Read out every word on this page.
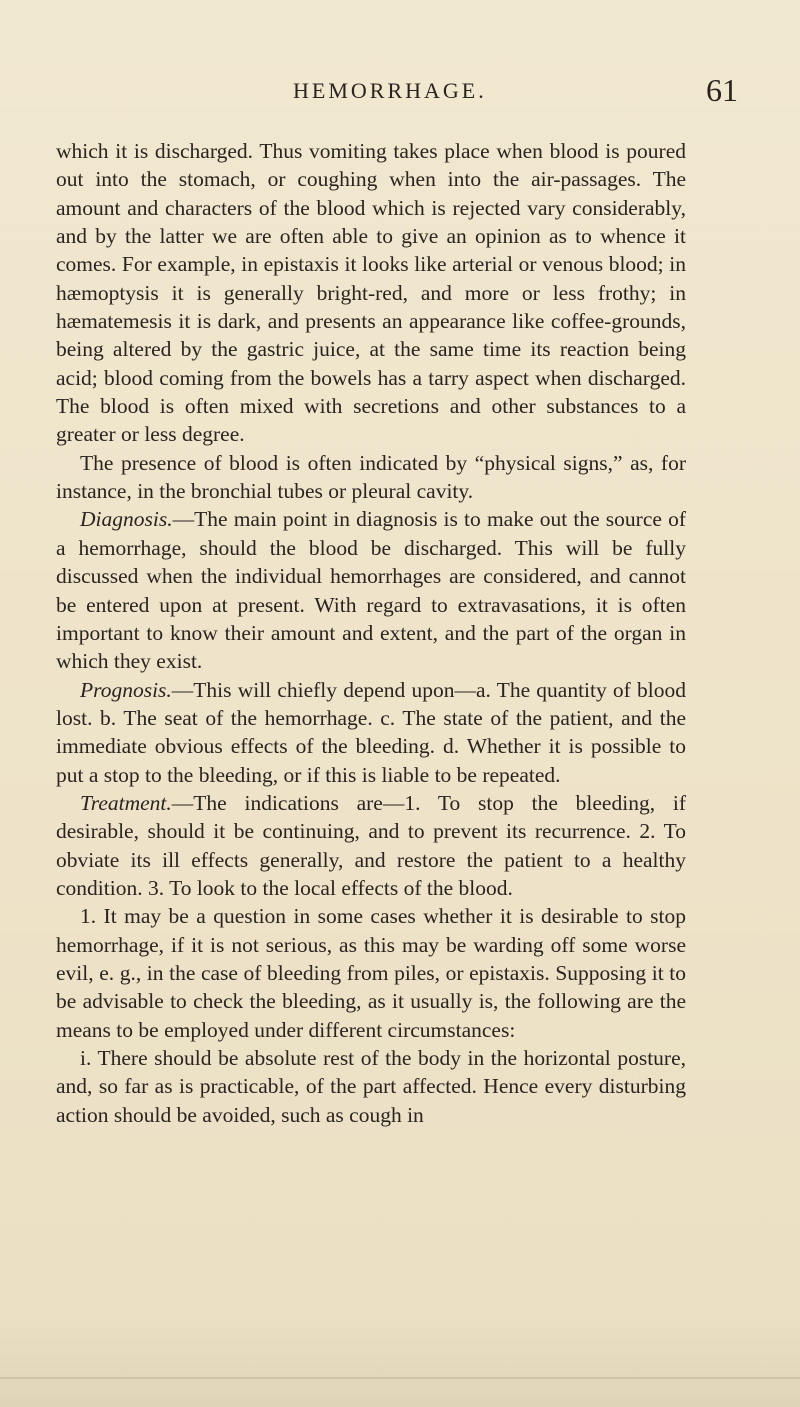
HEMORRHAGE.	61

which it is discharged. Thus vomiting takes place when blood is poured out into the stomach, or coughing when into the air-passages. The amount and characters of the blood which is rejected vary considerably, and by the latter we are often able to give an opinion as to whence it comes. For example, in epistaxis it looks like arterial or venous blood; in hæmoptysis it is generally bright-red, and more or less frothy; in hæmatemesis it is dark, and presents an appearance like coffee-grounds, being altered by the gastric juice, at the same time its reaction being acid; blood coming from the bowels has a tarry aspect when discharged. The blood is often mixed with secretions and other substances to a greater or less degree.

The presence of blood is often indicated by “physical signs,” as, for instance, in the bronchial tubes or pleural cavity.

Diagnosis.—The main point in diagnosis is to make out the source of a hemorrhage, should the blood be discharged. This will be fully discussed when the individual hemorrhages are considered, and cannot be entered upon at present. With regard to extravasations, it is often important to know their amount and extent, and the part of the organ in which they exist.

Prognosis.—This will chiefly depend upon—a. The quantity of blood lost. b. The seat of the hemorrhage. c. The state of the patient, and the immediate obvious effects of the bleeding. d. Whether it is possible to put a stop to the bleeding, or if this is liable to be repeated.

Treatment.—The indications are—1. To stop the bleeding, if desirable, should it be continuing, and to prevent its recurrence. 2. To obviate its ill effects generally, and restore the patient to a healthy condition. 3. To look to the local effects of the blood.

1. It may be a question in some cases whether it is desirable to stop hemorrhage, if it is not serious, as this may be warding off some worse evil, e. g., in the case of bleeding from piles, or epistaxis. Supposing it to be advisable to check the bleeding, as it usually is, the following are the means to be employed under different circumstances:

i. There should be absolute rest of the body in the horizontal posture, and, so far as is practicable, of the part affected. Hence every disturbing action should be avoided, such as cough in
